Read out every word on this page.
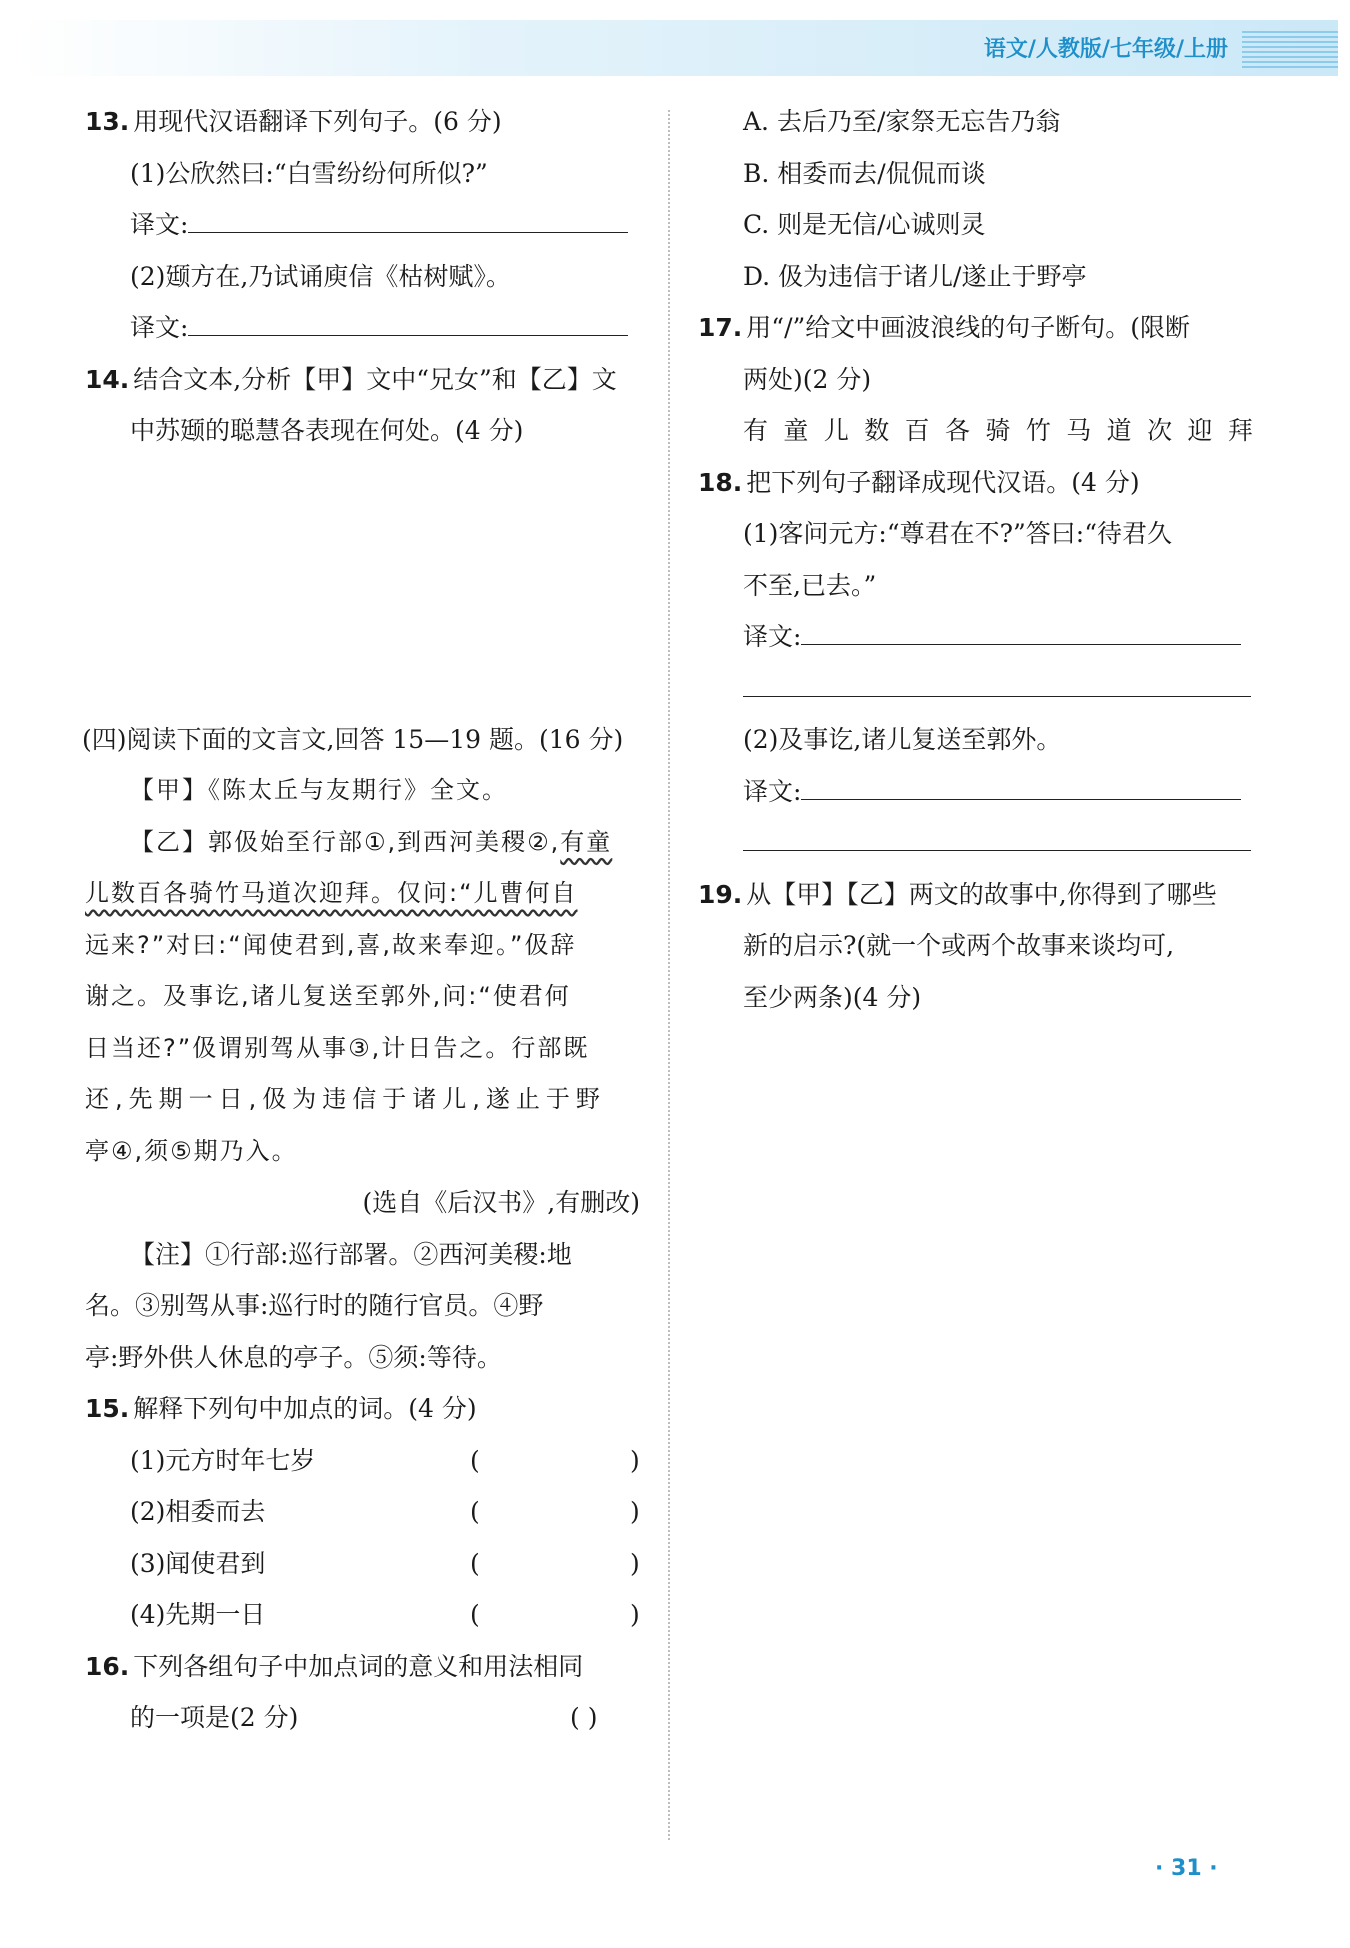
语文/人教版/七年级/上册
13. 用现代汉语翻译下列句子。(6 分)
(1)公欣然曰:“白雪纷纷何所似?”
译文:
(2)颋方在,乃试诵庾信《枯树赋》。
译文:
14. 结合文本,分析【甲】文中“兄女”和【乙】文
中苏颋的聪慧各表现在何处。(4 分)
(四)阅读下面的文言文,回答 15—19 题。(16 分)
【甲】《陈太丘与友期行》全文。
【乙】郭伋始至行部①,到西河美稷②,有童
儿数百各骑竹马道次迎拜。仅问:“儿曹何自
远来?”对曰:“闻使君到,喜,故来奉迎。”伋辞
谢之。及事讫,诸儿复送至郭外,问:“使君何
日当还?”伋谓别驾从事③,计日告之。行部既
还,先期一日,伋为违信于诸儿,遂止于野
亭④,须⑤期乃入。
(选自《后汉书》,有删改)
【注】①行部:巡行部署。②西河美稷:地
名。③别驾从事:巡行时的随行官员。④野
亭:野外供人休息的亭子。⑤须:等待。
15. 解释下列句中加点的词。(4 分)
(1)元方时年七岁	(	)
(2)相委而去	(	)
(3)闻使君到	(	)
(4)先期一日	(	)
16. 下列各组句子中加点词的意义和用法相同
的一项是(2 分)	( )
A. 去后乃至/家祭无忘告乃翁
B. 相委而去/侃侃而谈
C. 则是无信/心诚则灵
D. 伋为违信于诸儿/遂止于野亭
17. 用“/”给文中画波浪线的句子断句。(限断
两处)(2 分)
有 童 儿 数 百 各 骑 竹 马 道 次 迎 拜
18. 把下列句子翻译成现代汉语。(4 分)
(1)客问元方:“尊君在不?”答曰:“待君久
不至,已去。”
译文:
(2)及事讫,诸儿复送至郭外。
译文:
19. 从【甲】【乙】两文的故事中,你得到了哪些
新的启示?(就一个或两个故事来谈均可,
至少两条)(4 分)
· 31 ·
